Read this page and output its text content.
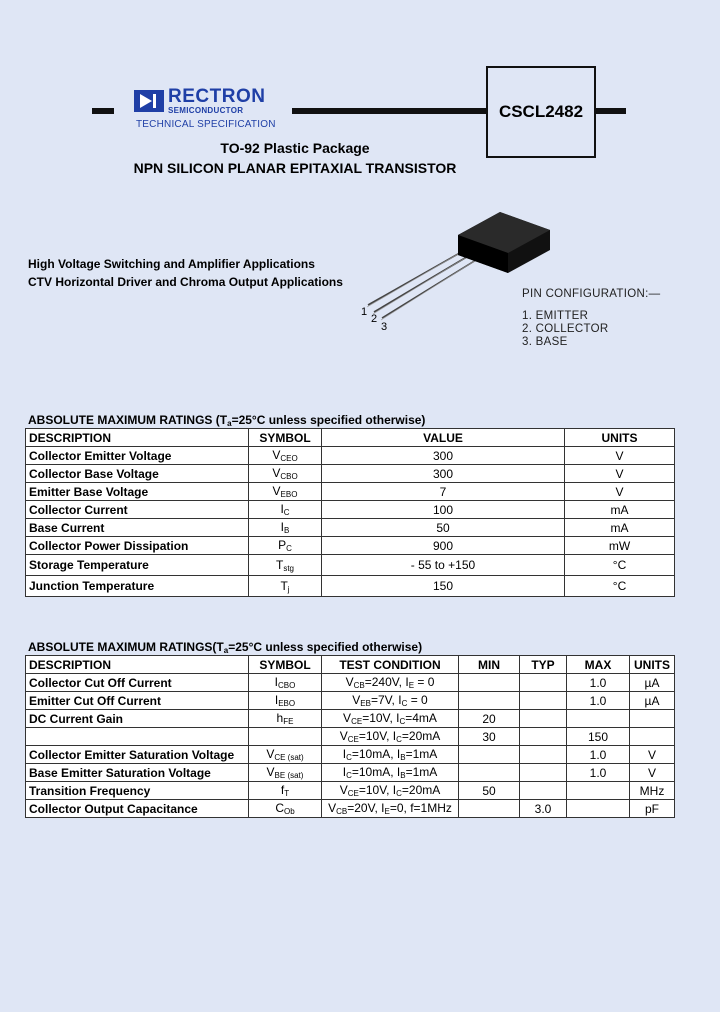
RECTRON
SEMICONDUCTOR
TECHNICAL SPECIFICATION
CSCL2482
TO-92 Plastic Package
NPN SILICON PLANAR EPITAXIAL TRANSISTOR
High Voltage Switching and Amplifier Applications
CTV Horizontal Driver and Chroma Output Applications
1
2
3
PIN CONFIGURATION:—
1. EMITTER
2. COLLECTOR
3. BASE
ABSOLUTE MAXIMUM RATINGS ($T_a=25^\circ C$ unless specified otherwise)
DESCRIPTION	SYMBOL	VALUE	UNITS
Collector Emitter Voltage	$V_{CEO}$	300	V
Collector Base Voltage	$V_{CBO}$	300	V
Emitter Base Voltage	$V_{EBO}$	7	V
Collector Current	$I_C$	100	mA
Base Current	$I_B$	50	mA
Collector Power Dissipation	$P_C$	900	mW
Storage Temperature	$T_{stg}$	- 55 to +150	°C
Junction Temperature	$T_j$	150	°C
ABSOLUTE MAXIMUM $RATINGS(T_a=25^\circ C$ unless specified otherwise)
DESCRIPTION	SYMBOL	TEST CONDITION	MIN	TYP	MAX	UNITS
Collector Cut Off Current	$I_{CBO}$	$V_{CB}=240V$, $I_E = 0$			1.0	µA
Emitter Cut Off Current	$I_{EBO}$	$V_{EB}=7V$, $I_C = 0$			1.0	µA
DC Current Gain	$h_{FE}$	$V_{CE}=10V$, $I_C=4mA$	20			
		$V_{CE}=10V$, $I_C=20mA$	30		150	
Collector Emitter Saturation Voltage	$V_{CE (sat)}$	$I_C=10mA$, $I_B=1mA$			1.0	V
Base Emitter Saturation Voltage	$V_{BE (sat)}$	$I_C=10mA$, $I_B=1mA$			1.0	V
Transition Frequency	$f_T$	$V_{CE}=10V$, $I_C=20mA$	50			MHz
Collector Output Capacitance	$C_{Ob}$	$V_{CB}=20V$, $I_E=0$, f=1MHz		3.0		pF
